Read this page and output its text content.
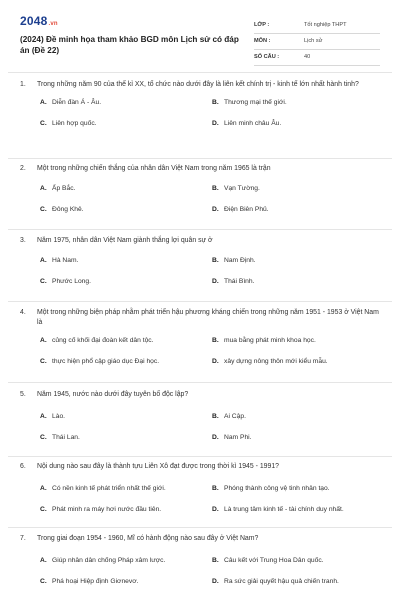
2048.vn
(2024) Đề minh họa tham khảo BGD môn Lịch sử có đáp án (Đề 22)
LỚP :	Tốt nghiệp THPT
MÔN :	Lịch sử
SỐ CÂU :	40
1. Trong những năm 90 của thế kỉ XX, tổ chức nào dưới đây là liên kết chính trị - kinh tế lớn nhất hành tinh?
A. Diễn đàn Á - Âu.	B. Thương mại thế giới.
C. Liên hợp quốc.	D. Liên minh châu Âu.
2. Một trong những chiến thắng của nhân dân Việt Nam trong năm 1965 là trận
A. Ấp Bắc.	B. Vạn Tường.
C. Đông Khê.	D. Điện Biên Phủ.
3. Năm 1975, nhân dân Việt Nam giành thắng lợi quân sự ở
A. Hà Nam.	B. Nam Định.
C. Phước Long.	D. Thái Bình.
4. Một trong những biện pháp nhằm phát triển hậu phương kháng chiến trong những năm 1951 - 1953 ở Việt Nam là
A. củng cố khối đại đoàn kết dân tộc.	B. mua bằng phát minh khoa học.
C. thực hiện phổ cập giáo dục Đại học.	D. xây dựng nông thôn mới kiểu mẫu.
5. Năm 1945, nước nào dưới đây tuyên bố độc lập?
A. Lào.	B. Ai Cập.
C. Thái Lan.	D. Nam Phi.
6. Nội dung nào sau đây là thành tựu Liên Xô đạt được trong thời kì 1945 - 1991?
A. Có nền kinh tế phát triển nhất thế giới.	B. Phóng thành công vệ tinh nhân tạo.
C. Phát minh ra máy hơi nước đầu tiên.	D. Là trung tâm kinh tế - tài chính duy nhất.
7. Trong giai đoạn 1954 - 1960, Mĩ có hành động nào sau đây ở Việt Nam?
A. Giúp nhân dân chống Pháp xâm lược.	B. Câu kết với Trung Hoa Dân quốc.
C. Phá hoại Hiệp định Giơnevơ.	D. Ra sức giải quyết hậu quả chiến tranh.
